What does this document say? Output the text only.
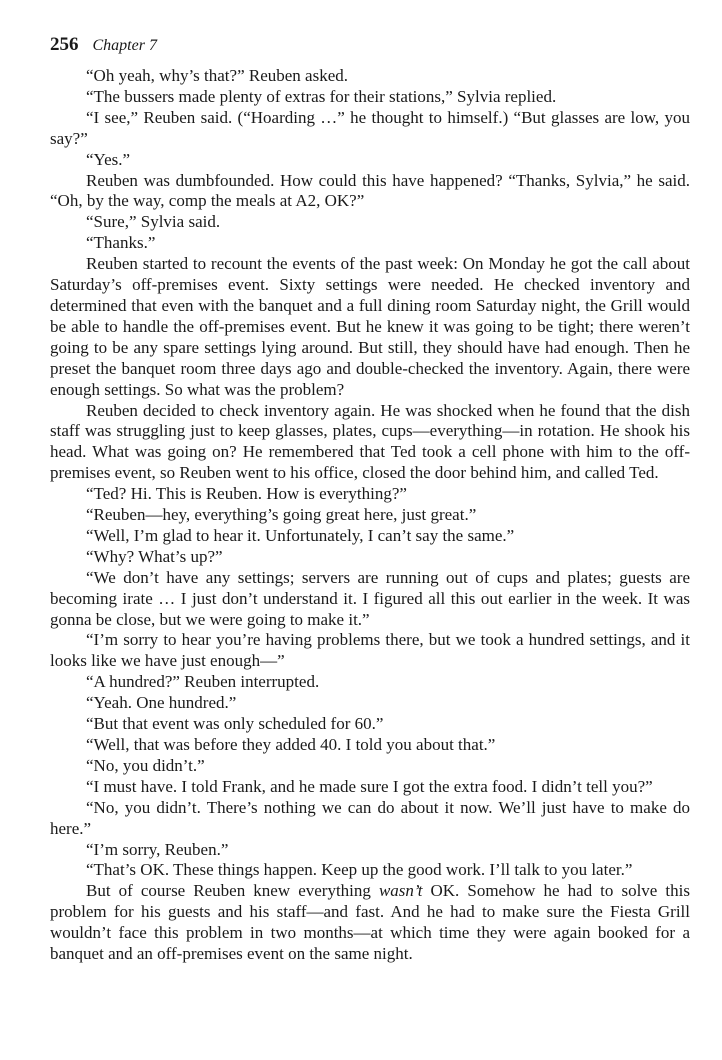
256 Chapter 7

“Oh yeah, why’s that?” Reuben asked.

“The bussers made plenty of extras for their stations,” Sylvia replied.

“I see,” Reuben said. (“Hoarding …” he thought to himself.) “But glasses are low, you say?”

“Yes.”

Reuben was dumbfounded. How could this have happened? “Thanks, Sylvia,” he said. “Oh, by the way, comp the meals at A2, OK?”

“Sure,” Sylvia said.

“Thanks.”

Reuben started to recount the events of the past week: On Monday he got the call about Saturday’s off-premises event. Sixty settings were needed. He checked inventory and determined that even with the banquet and a full dining room Saturday night, the Grill would be able to handle the off-premises event. But he knew it was going to be tight; there weren’t going to be any spare settings lying around. But still, they should have had enough. Then he preset the banquet room three days ago and double-checked the inventory. Again, there were enough settings. So what was the problem?

Reuben decided to check inventory again. He was shocked when he found that the dish staff was struggling just to keep glasses, plates, cups—everything—in rotation. He shook his head. What was going on? He remembered that Ted took a cell phone with him to the off-premises event, so Reuben went to his office, closed the door behind him, and called Ted.

“Ted? Hi. This is Reuben. How is everything?”

“Reuben—hey, everything’s going great here, just great.”

“Well, I’m glad to hear it. Unfortunately, I can’t say the same.”

“Why? What’s up?”

“We don’t have any settings; servers are running out of cups and plates; guests are becoming irate … I just don’t understand it. I figured all this out earlier in the week. It was gonna be close, but we were going to make it.”

“I’m sorry to hear you’re having problems there, but we took a hundred settings, and it looks like we have just enough—”

“A hundred?” Reuben interrupted.

“Yeah. One hundred.”

“But that event was only scheduled for 60.”

“Well, that was before they added 40. I told you about that.”

“No, you didn’t.”

“I must have. I told Frank, and he made sure I got the extra food. I didn’t tell you?”

“No, you didn’t. There’s nothing we can do about it now. We’ll just have to make do here.”

“I’m sorry, Reuben.”

“That’s OK. These things happen. Keep up the good work. I’ll talk to you later.”

But of course Reuben knew everything wasn’t OK. Somehow he had to solve this problem for his guests and his staff—and fast. And he had to make sure the Fiesta Grill wouldn’t face this problem in two months—at which time they were again booked for a banquet and an off-premises event on the same night.
